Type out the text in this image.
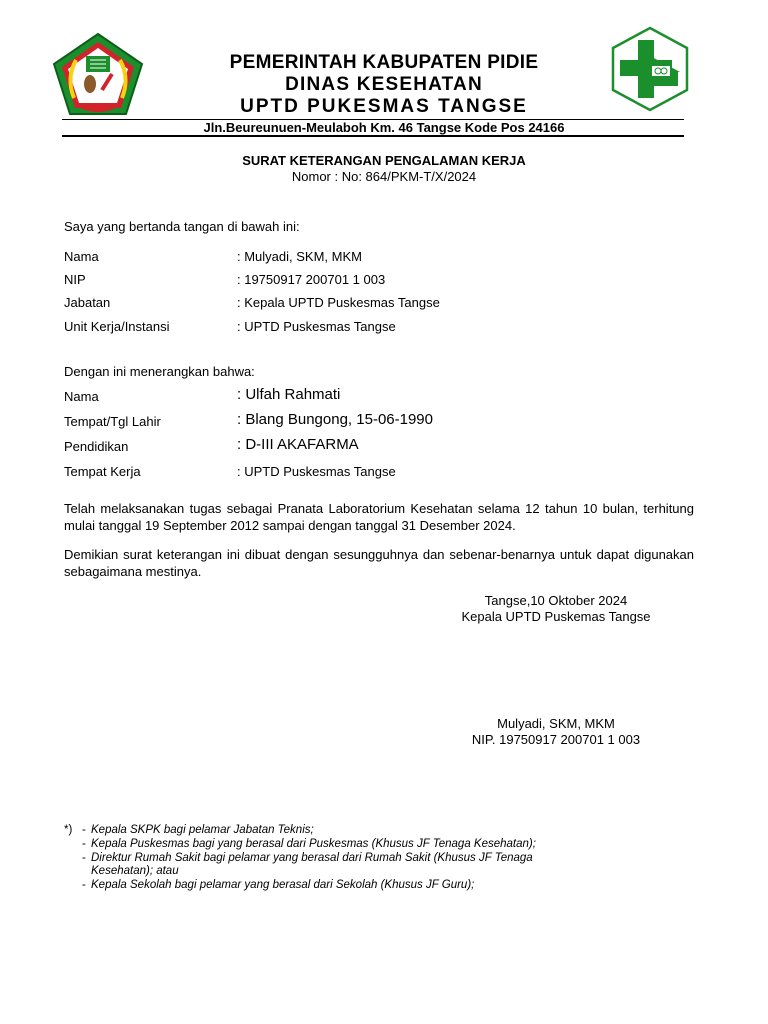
PIDIE
PEMERINTAH KABUPATEN PIDIE
DINAS KESEHATAN
UPTD PUKESMAS TANGSE
Jln.Beureunuen-Meulaboh Km. 46 Tangse Kode Pos 24166
SURAT KETERANGAN PENGALAMAN KERJA
Nomor : No: 864/PKM-T/X/2024
Saya yang bertanda tangan di bawah ini:
Nama	: Mulyadi, SKM, MKM
NIP	: 19750917 200701 1 003
Jabatan	: Kepala UPTD Puskesmas Tangse
Unit Kerja/Instansi	: UPTD Puskesmas Tangse
Dengan ini menerangkan bahwa:
Nama	: Ulfah Rahmati
Tempat/Tgl Lahir	: Blang Bungong, 15-06-1990
Pendidikan	: D-III AKAFARMA
Tempat Kerja	: UPTD Puskesmas Tangse
Telah melaksanakan tugas sebagai Pranata Laboratorium Kesehatan selama 12 tahun 10 bulan, terhitung mulai tanggal 19 September 2012 sampai dengan tanggal 31 Desember 2024.
Demikian surat keterangan ini dibuat dengan sesungguhnya dan sebenar-benarnya untuk dapat digunakan sebagaimana mestinya.
Tangse,10 Oktober 2024
Kepala UPTD Puskemas Tangse
Mulyadi, SKM, MKM
NIP. 19750917 200701 1 003
*) - Kepala SKPK bagi pelamar Jabatan Teknis;
- Kepala Puskesmas bagi yang berasal dari Puskesmas (Khusus JF Tenaga Kesehatan);
- Direktur Rumah Sakit bagi pelamar yang berasal dari Rumah Sakit (Khusus JF Tenaga
Kesehatan); atau
- Kepala Sekolah bagi pelamar yang berasal dari Sekolah (Khusus JF Guru);
